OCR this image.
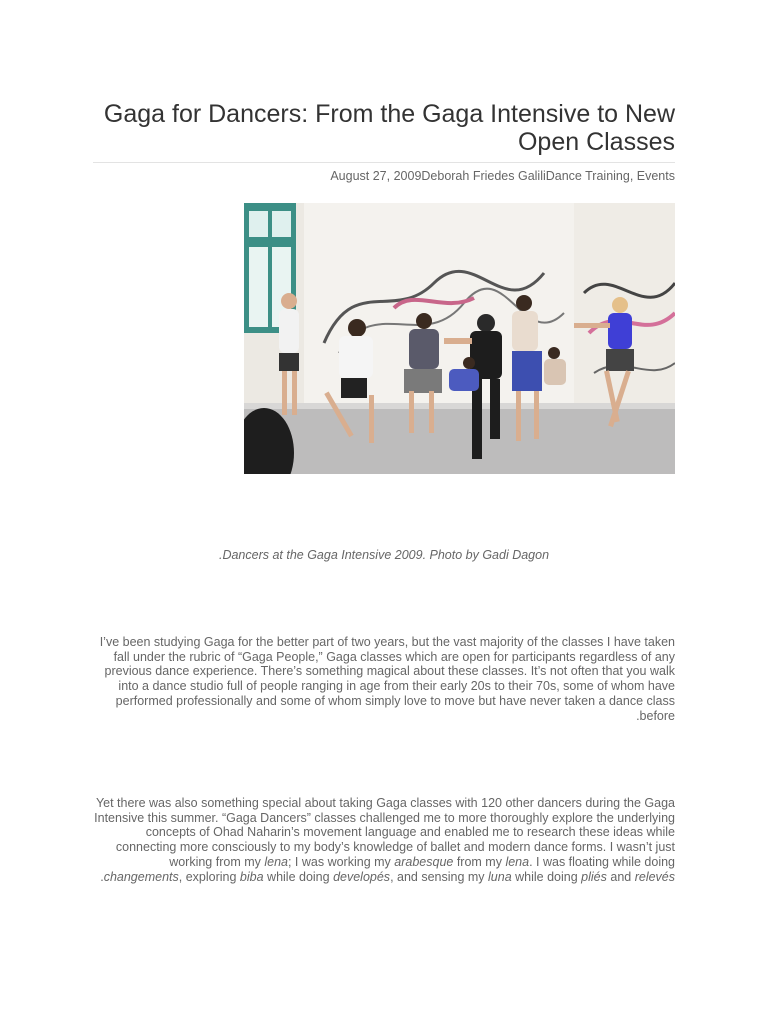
Gaga for Dancers: From the Gaga Intensive to New Open Classes
August 27, 2009Deborah Friedes GaliliDance Training, Events
Dancers at the Gaga Intensive 2009. Photo by Gadi Dagon.

I’ve been studying Gaga for the better part of two years, but the vast majority of the classes I have taken fall under the rubric of “Gaga People,” Gaga classes which are open for participants regardless of any previous dance experience. There’s something magical about these classes. It’s not often that you walk into a dance studio full of people ranging in age from their early 20s to their 70s, some of whom have performed professionally and some of whom simply love to move but have never taken a dance class before.

Yet there was also something special about taking Gaga classes with 120 other dancers during the Gaga Intensive this summer. “Gaga Dancers” classes challenged me to more thoroughly explore the underlying concepts of Ohad Naharin’s movement language and enabled me to research these ideas while connecting more consciously to my body’s knowledge of ballet and modern dance forms. I wasn’t just working from my lena; I was working my arabesque from my lena. I was floating while doing changements, exploring biba while doing developés, and sensing my luna while doing pliés and relevés.
